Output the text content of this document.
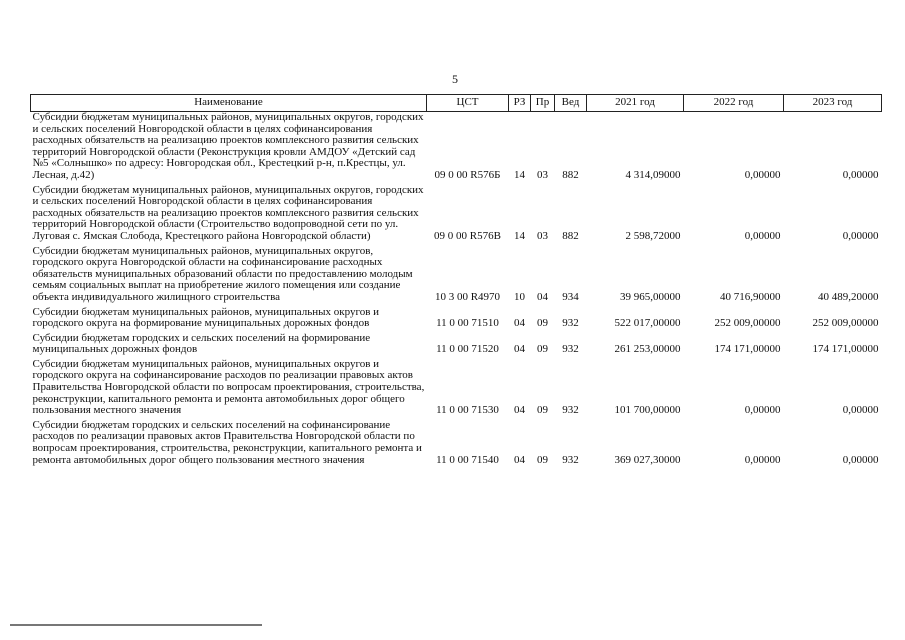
5
Наименование	ЦСТ	РЗ	Пр	Вед	2021 год	2022 год	2023 год
Субсидии бюджетам муниципальных районов, муниципальных округов, городских и сельских поселений Новгородской области в целях софинансирования расходных обязательств на реализацию проектов комплексного развития сельских территорий Новгородской области (Реконструкция кровли АМДОУ «Детский сад №5 «Солнышко» по адресу: Новгородская обл., Крестецкий р-н, п.Крестцы, ул. Лесная, д.42)	09 0 00 R576Б	14	03	882	4 314,09000	0,00000	0,00000
Субсидии бюджетам муниципальных районов, муниципальных округов, городских и сельских поселений Новгородской области в целях софинансирования расходных обязательств на реализацию проектов комплексного развития сельских территорий Новгородской области (Строительство водопроводной сети по ул. Луговая с. Ямская Слобода, Крестецкого района Новгородской области)	09 0 00 R576В	14	03	882	2 598,72000	0,00000	0,00000
Субсидии бюджетам муниципальных районов, муниципальных округов, городского округа Новгородской области на софинансирование расходных обязательств муниципальных образований области по предоставлению молодым семьям социальных выплат на приобретение жилого помещения или создание объекта индивидуального жилищного строительства	10 3 00 R4970	10	04	934	39 965,00000	40 716,90000	40 489,20000
Субсидии бюджетам муниципальных районов, муниципальных округов и городского округа на формирование муниципальных дорожных фондов	11 0 00 71510	04	09	932	522 017,00000	252 009,00000	252 009,00000
Субсидии бюджетам городских и сельских поселений на формирование муниципальных дорожных фондов	11 0 00 71520	04	09	932	261 253,00000	174 171,00000	174 171,00000
Субсидии бюджетам муниципальных районов, муниципальных округов и городского округа на софинансирование расходов по реализации правовых актов Правительства Новгородской области по вопросам проектирования, строительства, реконструкции, капитального ремонта и ремонта автомобильных дорог общего пользования местного значения	11 0 00 71530	04	09	932	101 700,00000	0,00000	0,00000
Субсидии бюджетам городских и сельских поселений на софинансирование расходов по реализации правовых актов Правительства Новгородской области по вопросам проектирования, строительства, реконструкции, капитального ремонта и ремонта автомобильных дорог общего пользования местного значения	11 0 00 71540	04	09	932	369 027,30000	0,00000	0,00000
